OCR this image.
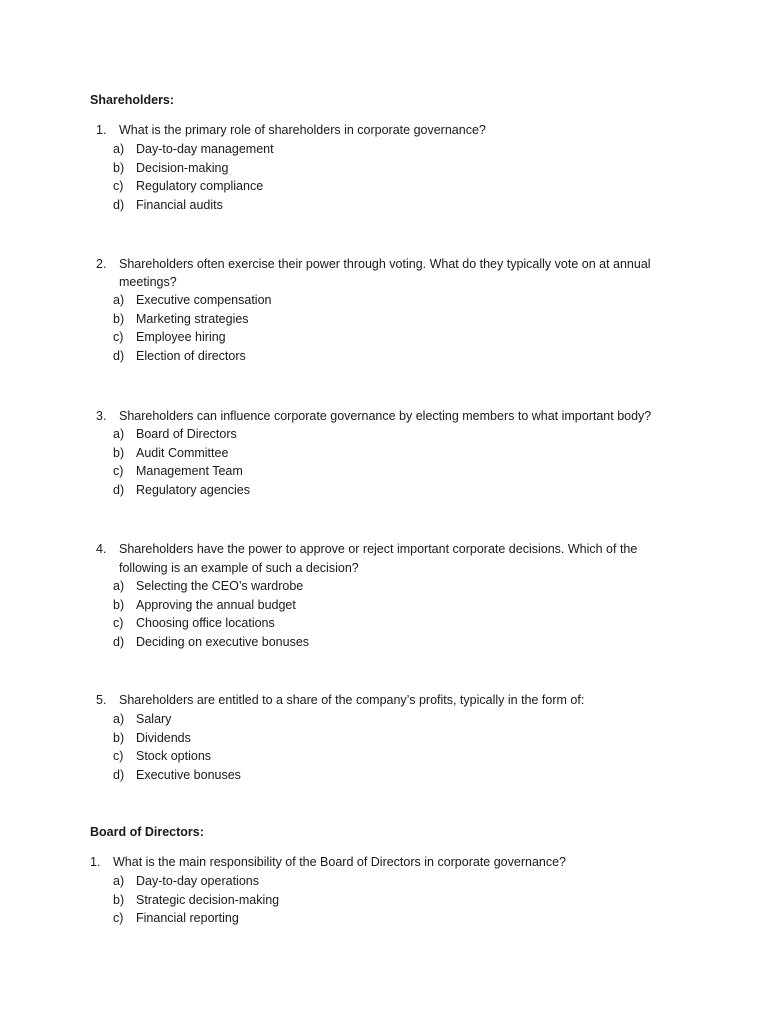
Shareholders:
1. What is the primary role of shareholders in corporate governance?
a) Day-to-day management
b) Decision-making
c) Regulatory compliance
d) Financial audits
2. Shareholders often exercise their power through voting. What do they typically vote on at annual
meetings?
a) Executive compensation
b) Marketing strategies
c) Employee hiring
d) Election of directors
3. Shareholders can influence corporate governance by electing members to what important body?
a) Board of Directors
b) Audit Committee
c) Management Team
d) Regulatory agencies
4. Shareholders have the power to approve or reject important corporate decisions. Which of the
following is an example of such a decision?
a) Selecting the CEO’s wardrobe
b) Approving the annual budget
c) Choosing office locations
d) Deciding on executive bonuses
5. Shareholders are entitled to a share of the company’s profits, typically in the form of:
a) Salary
b) Dividends
c) Stock options
d) Executive bonuses
Board of Directors:
1. What is the main responsibility of the Board of Directors in corporate governance?
a) Day-to-day operations
b) Strategic decision-making
c) Financial reporting
